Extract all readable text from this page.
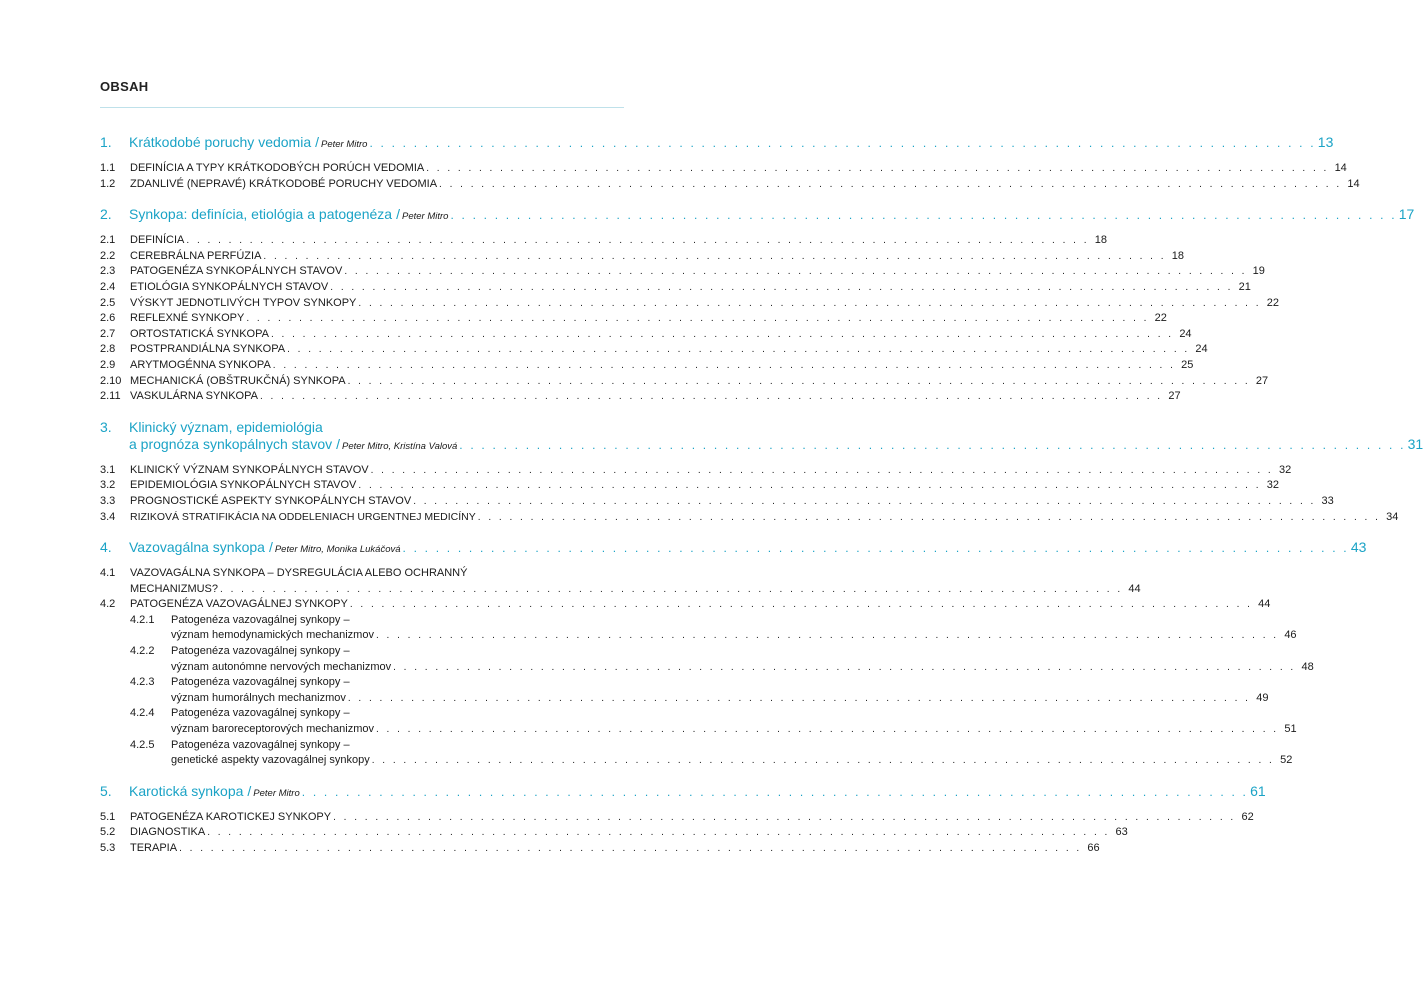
OBSAH
1.	Krátkodobé poruchy vedomia / Peter Mitro . . .	13
1.1	DEFINÍCIA A TYPY KRÁTKODOBÝCH PORÚCH VEDOMIA . . .	14
1.2	ZDANLIVÉ (NEPRAVÉ) KRÁTKODOBÉ PORUCHY VEDOMIA . . .	14
2.	Synkopa: definícia, etiológia a patogenéza / Peter Mitro . . .	17
2.1	DEFINÍCIA . . .	18
2.2	CEREBRÁLNA PERFÚZIA . . .	18
2.3	PATOGENÉZA SYNKOPÁLNYCH STAVOV . . .	19
2.4	ETIOLÓGIA SYNKOPÁLNYCH STAVOV . . .	21
2.5	VÝSKYT JEDNOTLIVÝCH TYPOV SYNKOPY . . .	22
2.6	REFLEXNÉ SYNKOPY . . .	22
2.7	ORTOSTATICKÁ SYNKOPA . . .	24
2.8	POSTPRANDIÁLNA SYNKOPA . . .	24
2.9	ARYTMOGÉNNA SYNKOPA . . .	25
2.10 MECHANICKÁ (OBŠTRUKČNÁ) SYNKOPA . . .	27
2.11 VASKULÁRNA SYNKOPA . . .	27
3.	Klinický význam, epidemiológia
a prognóza synkopálnych stavov / Peter Mitro, Kristína Valová . . .	31
3.1	KLINICKÝ VÝZNAM SYNKOPÁLNYCH STAVOV . . .	32
3.2	EPIDEMIOLÓGIA SYNKOPÁLNYCH STAVOV . . .	32
3.3	PROGNOSTICKÉ ASPEKTY SYNKOPÁLNYCH STAVOV . . .	33
3.4	RIZIKOVÁ STRATIFIKÁCIA NA ODDELENIACH URGENTNEJ MEDICÍNY . . .	34
4.	Vazovagálna synkopa / Peter Mitro, Monika Lukáčová . . .	43
4.1	VAZOVAGÁLNA SYNKOPA – DYSREGULÁCIA ALEBO OCHRANNÝ
MECHANIZMUS? . . .	44
4.2	PATOGENÉZA VAZOVAGÁLNEJ SYNKOPY . . .	44
4.2.1	Patogenéza vazovagálnej synkopy –
význam hemodynamických mechanizmov . . .	46
4.2.2	Patogenéza vazovagálnej synkopy –
význam autonómne nervových mechanizmov . . .	48
4.2.3	Patogenéza vazovagálnej synkopy –
význam humorálnych mechanizmov . . .	49
4.2.4	Patogenéza vazovagálnej synkopy –
význam baroreceptorových mechanizmov . . .	51
4.2.5	Patogenéza vazovagálnej synkopy –
genetické aspekty vazovagálnej synkopy . . .	52
5.	Karotická synkopa / Peter Mitro . . .	61
5.1	PATOGENÉZA KAROTICKEJ SYNKOPY . . .	62
5.2	DIAGNOSTIKA . . .	63
5.3	TERAPIA . . .	66
